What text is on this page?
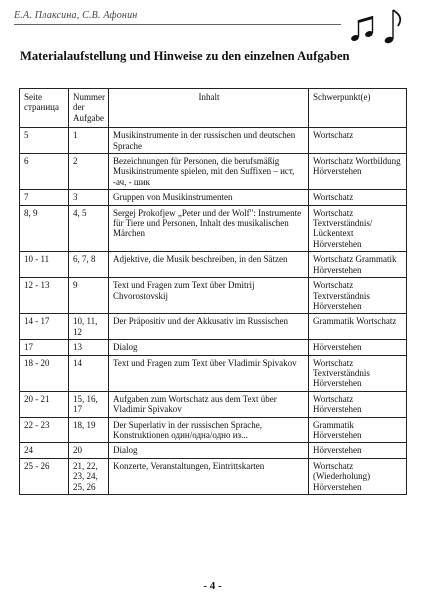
Е.А. Плаксина, С.В. Афонин
Materialaufstellung und Hinweise zu den einzelnen Aufgaben
Seite страница	Nummer der Aufgabe	Inhalt	Schwerpunkt(e)
5	1	Musikinstrumente in der russischen und deutschen Sprache	Wortschatz
6	2	Bezeichnungen für Personen, die berufsmäßig Musikinstrumente spielen, mit den Suffixen – ист, -ач, - шик	Wortschatz Wortbildung Hörverstehen
7	3	Gruppen von Musikinstrumenten	Wortschatz
8, 9	4, 5	Sergej Prokofjew „Peter und der Wolf": Instrumente für Tiere und Personen, Inhalt des musikalischen Märchen	Wortschatz Textverständnis/ Lückentext Hörverstehen
10 - 11	6, 7, 8	Adjektive, die Musik beschreiben, in den Sätzen	Wortschatz Grammatik Hörverstehen
12 - 13	9	Text und Fragen zum Text über Dmitrij Chvorostovskij	Wortschatz Textverständnis Hörverstehen
14 - 17	10, 11, 12	Der Präpositiv und der Akkusativ im Russischen	Grammatik Wortschatz
17	13	Dialog	Hörverstehen
18 - 20	14	Text und Fragen zum Text über Vladimir Spivakov	Wortschatz Textverständnis Hörverstehen
20 - 21	15, 16, 17	Aufgaben zum Wortschatz aus dem Text über Vladimir Spivakov	Wortschatz Hörverstehen
22 - 23	18, 19	Der Superlativ in der russischen Sprache, Konstruktionen один/одна/одно из...	Grammatik Hörverstehen
24	20	Dialog	Hörverstehen
25 - 26	21, 22, 23, 24, 25, 26	Konzerte, Veranstaltungen, Eintrittskarten	Wortschatz (Wiederholung) Hörverstehen
- 4 -
